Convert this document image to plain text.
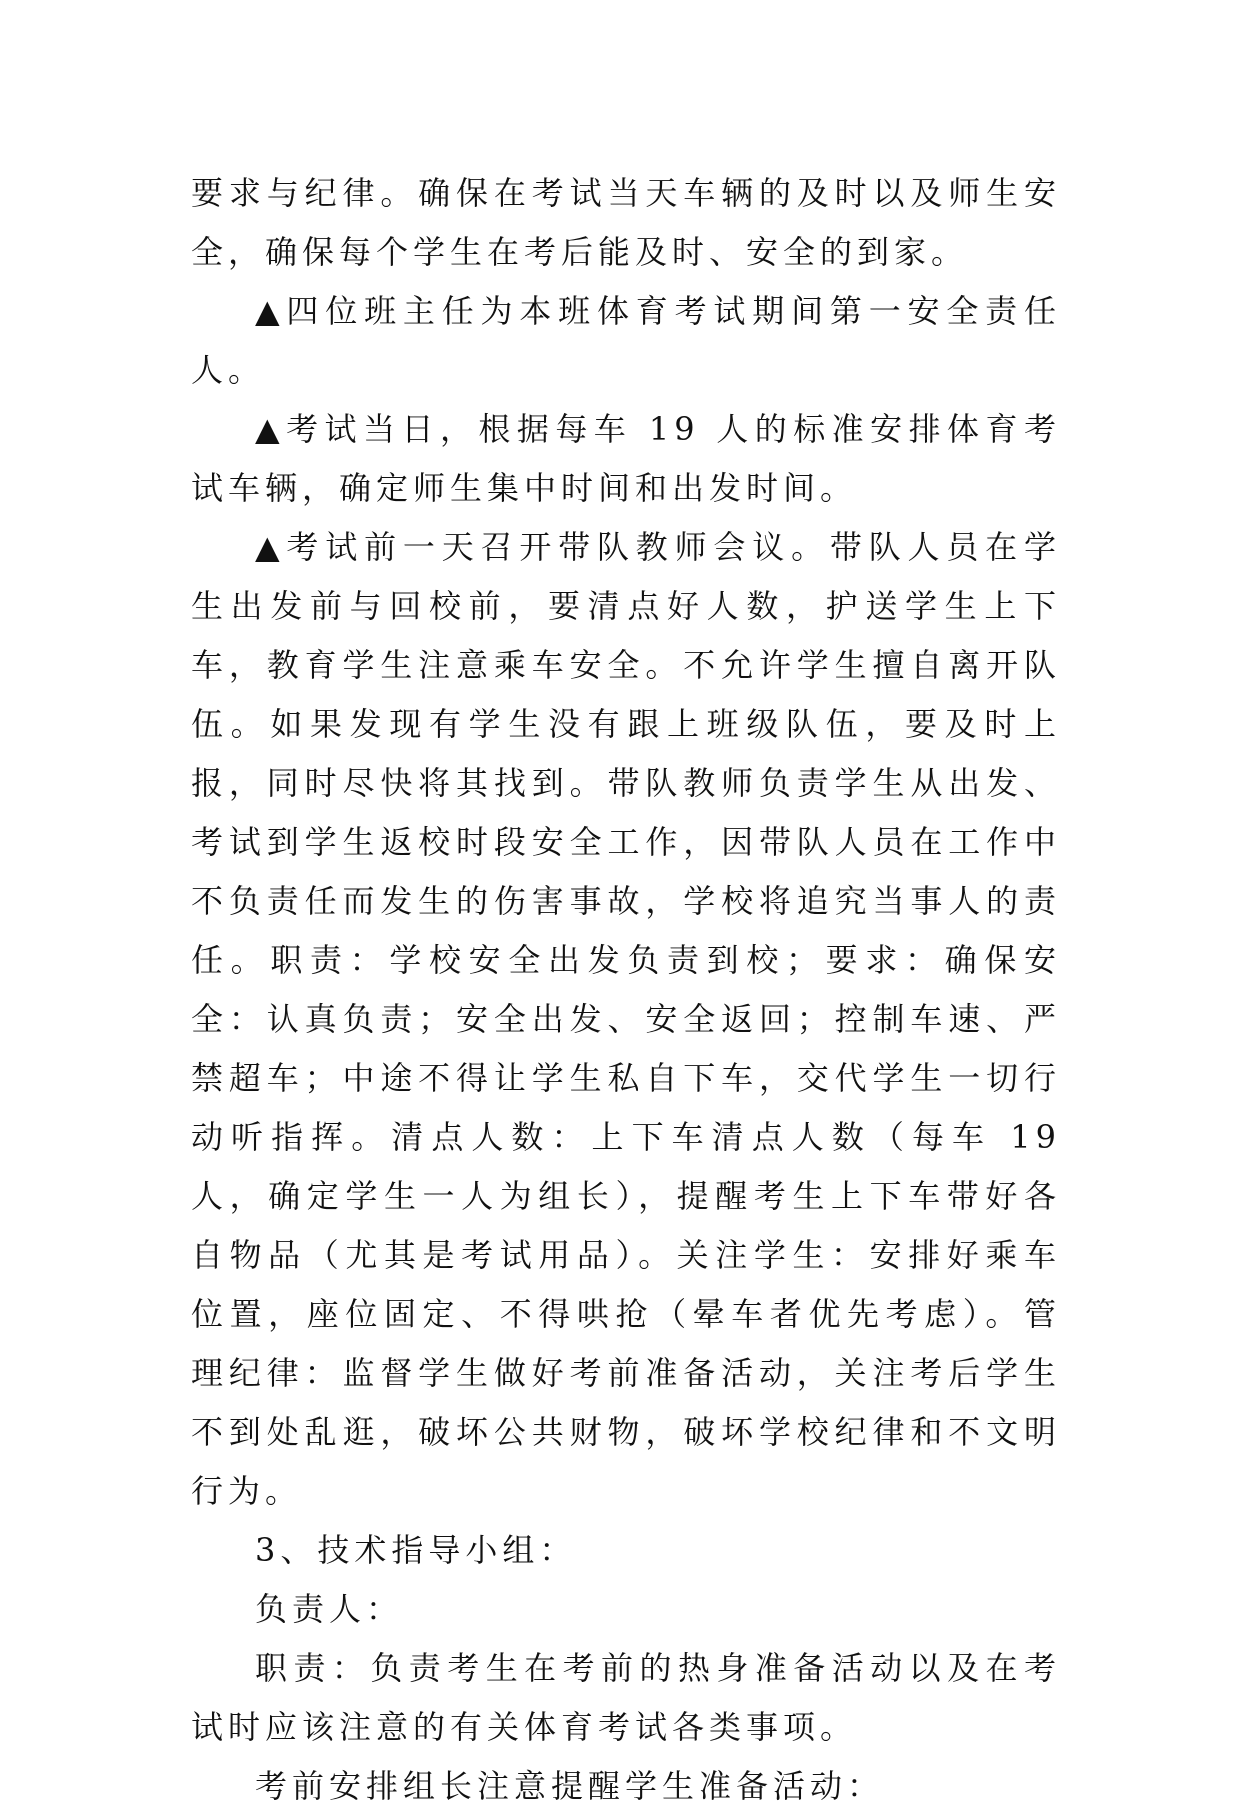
要求与纪律。确保在考试当天车辆的及时以及师生安全，确保每个学生在考后能及时、安全的到家。

▲四位班主任为本班体育考试期间第一安全责任人。

▲考试当日，根据每车 19 人的标准安排体育考试车辆，确定师生集中时间和出发时间。

▲考试前一天召开带队教师会议。带队人员在学生出发前与回校前，要清点好人数，护送学生上下车，教育学生注意乘车安全。不允许学生擅自离开队伍。如果发现有学生没有跟上班级队伍，要及时上报，同时尽快将其找到。带队教师负责学生从出发、考试到学生返校时段安全工作，因带队人员在工作中不负责任而发生的伤害事故，学校将追究当事人的责任。职责：学校安全出发负责到校；要求：确保安全：认真负责；安全出发、安全返回；控制车速、严禁超车；中途不得让学生私自下车，交代学生一切行动听指挥。清点人数：上下车清点人数（每车 19 人，确定学生一人为组长），提醒考生上下车带好各自物品（尤其是考试用品）。关注学生：安排好乘车位置，座位固定、不得哄抢（晕车者优先考虑）。管理纪律：监督学生做好考前准备活动，关注考后学生不到处乱逛，破坏公共财物，破坏学校纪律和不文明行为。

3、技术指导小组：

负责人：

职责：负责考生在考前的热身准备活动以及在考试时应该注意的有关体育考试各类事项。

考前安排组长注意提醒学生准备活动：
